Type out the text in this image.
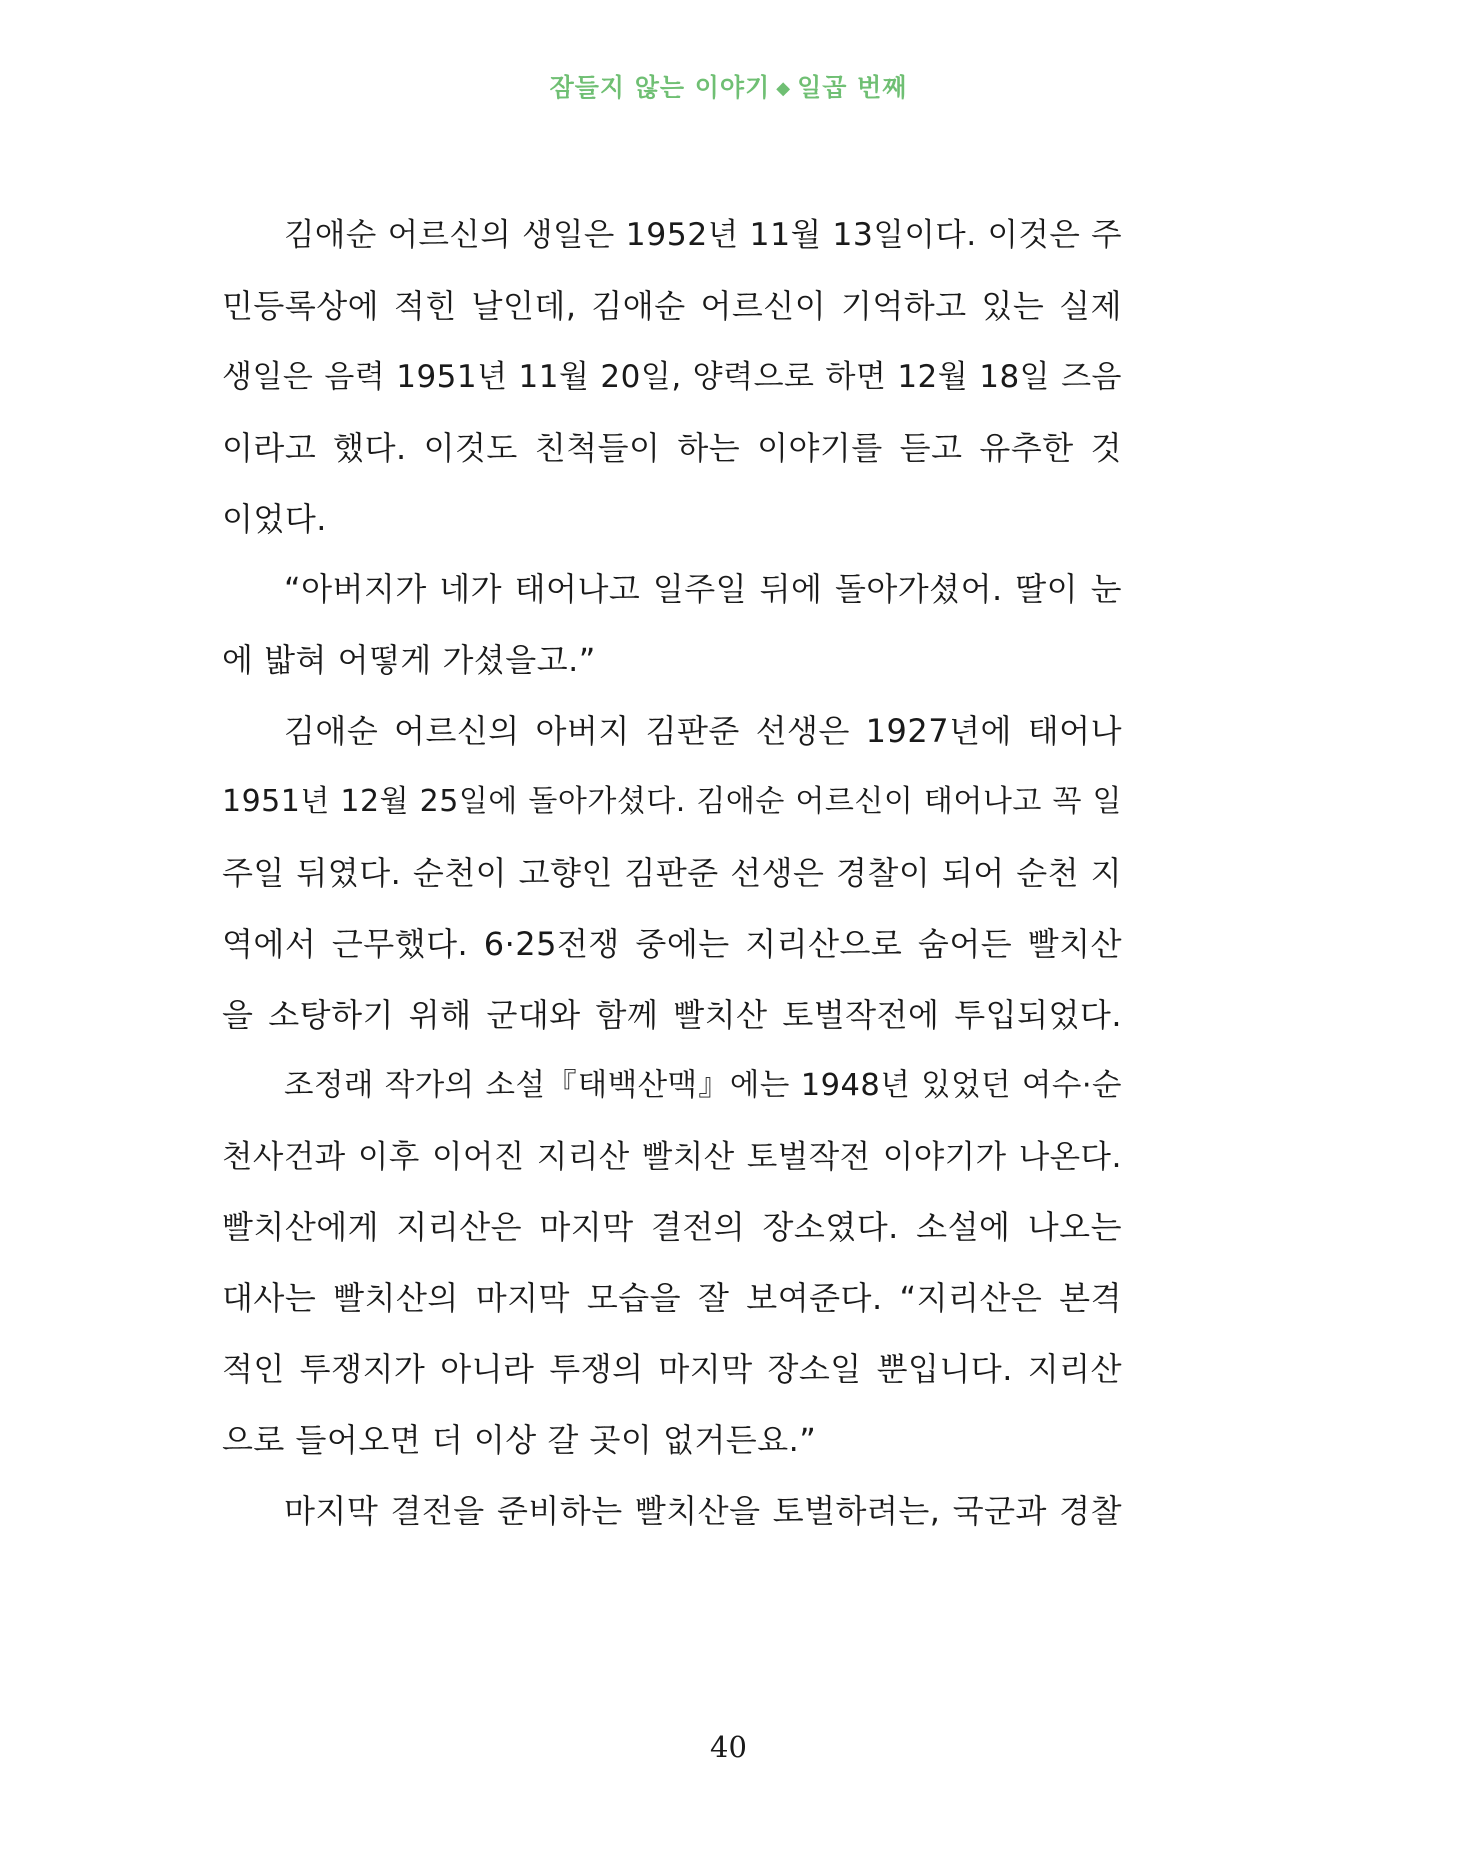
잠들지 않는 이야기 ◆ 일곱 번째

김애순 어르신의 생일은 1952년 11월 13일이다. 이것은 주
민등록상에 적힌 날인데, 김애순 어르신이 기억하고 있는 실제
생일은 음력 1951년 11월 20일, 양력으로 하면 12월 18일 즈음
이라고 했다. 이것도 친척들이 하는 이야기를 듣고 유추한 것
이었다.

“아버지가 네가 태어나고 일주일 뒤에 돌아가셨어. 딸이 눈
에 밟혀 어떻게 가셨을고.”

김애순 어르신의 아버지 김판준 선생은 1927년에 태어나
1951년 12월 25일에 돌아가셨다. 김애순 어르신이 태어나고 꼭 일
주일 뒤였다. 순천이 고향인 김판준 선생은 경찰이 되어 순천 지
역에서 근무했다. 6·25전쟁 중에는 지리산으로 숨어든 빨치산
을 소탕하기 위해 군대와 함께 빨치산 토벌작전에 투입되었다.

조정래 작가의 소설『태백산맥』에는 1948년 있었던 여수·순
천사건과 이후 이어진 지리산 빨치산 토벌작전 이야기가 나온다.
빨치산에게 지리산은 마지막 결전의 장소였다. 소설에 나오는
대사는 빨치산의 마지막 모습을 잘 보여준다. “지리산은 본격
적인 투쟁지가 아니라 투쟁의 마지막 장소일 뿐입니다. 지리산
으로 들어오면 더 이상 갈 곳이 없거든요.”

마지막 결전을 준비하는 빨치산을 토벌하려는, 국군과 경찰

40
